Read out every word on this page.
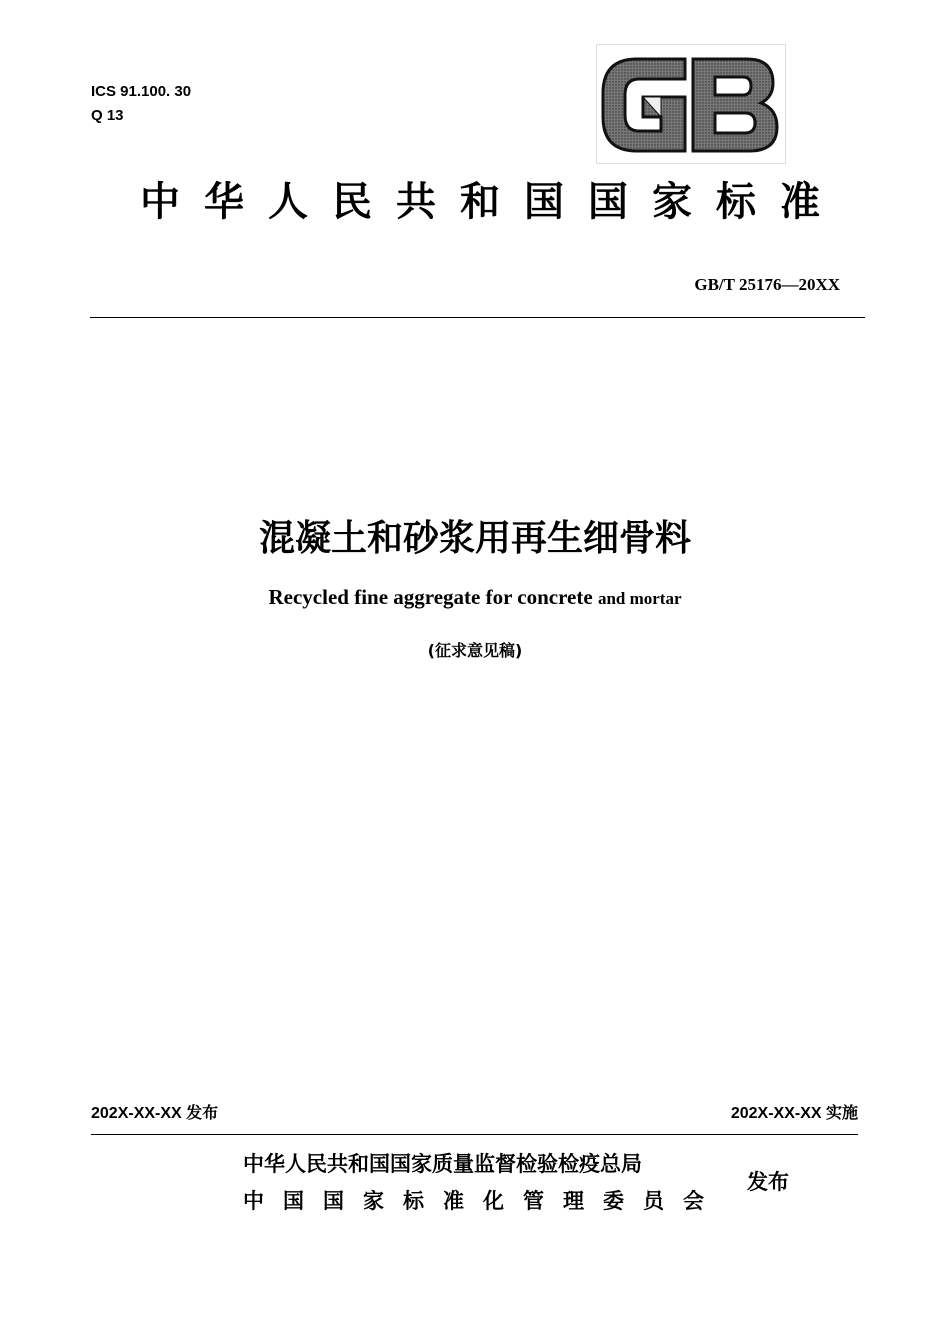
ICS 91.100. 30
Q 13
中华人民共和国国家标准
GB/T 25176—20XX
混凝土和砂浆用再生细骨料
Recycled fine aggregate for concrete and mortar
(征求意见稿)
202X-XX-XX 发布	202X-XX-XX 实施
中华人民共和国国家质量监督检验检疫总局
中国国家标准化管理委员会
发布
